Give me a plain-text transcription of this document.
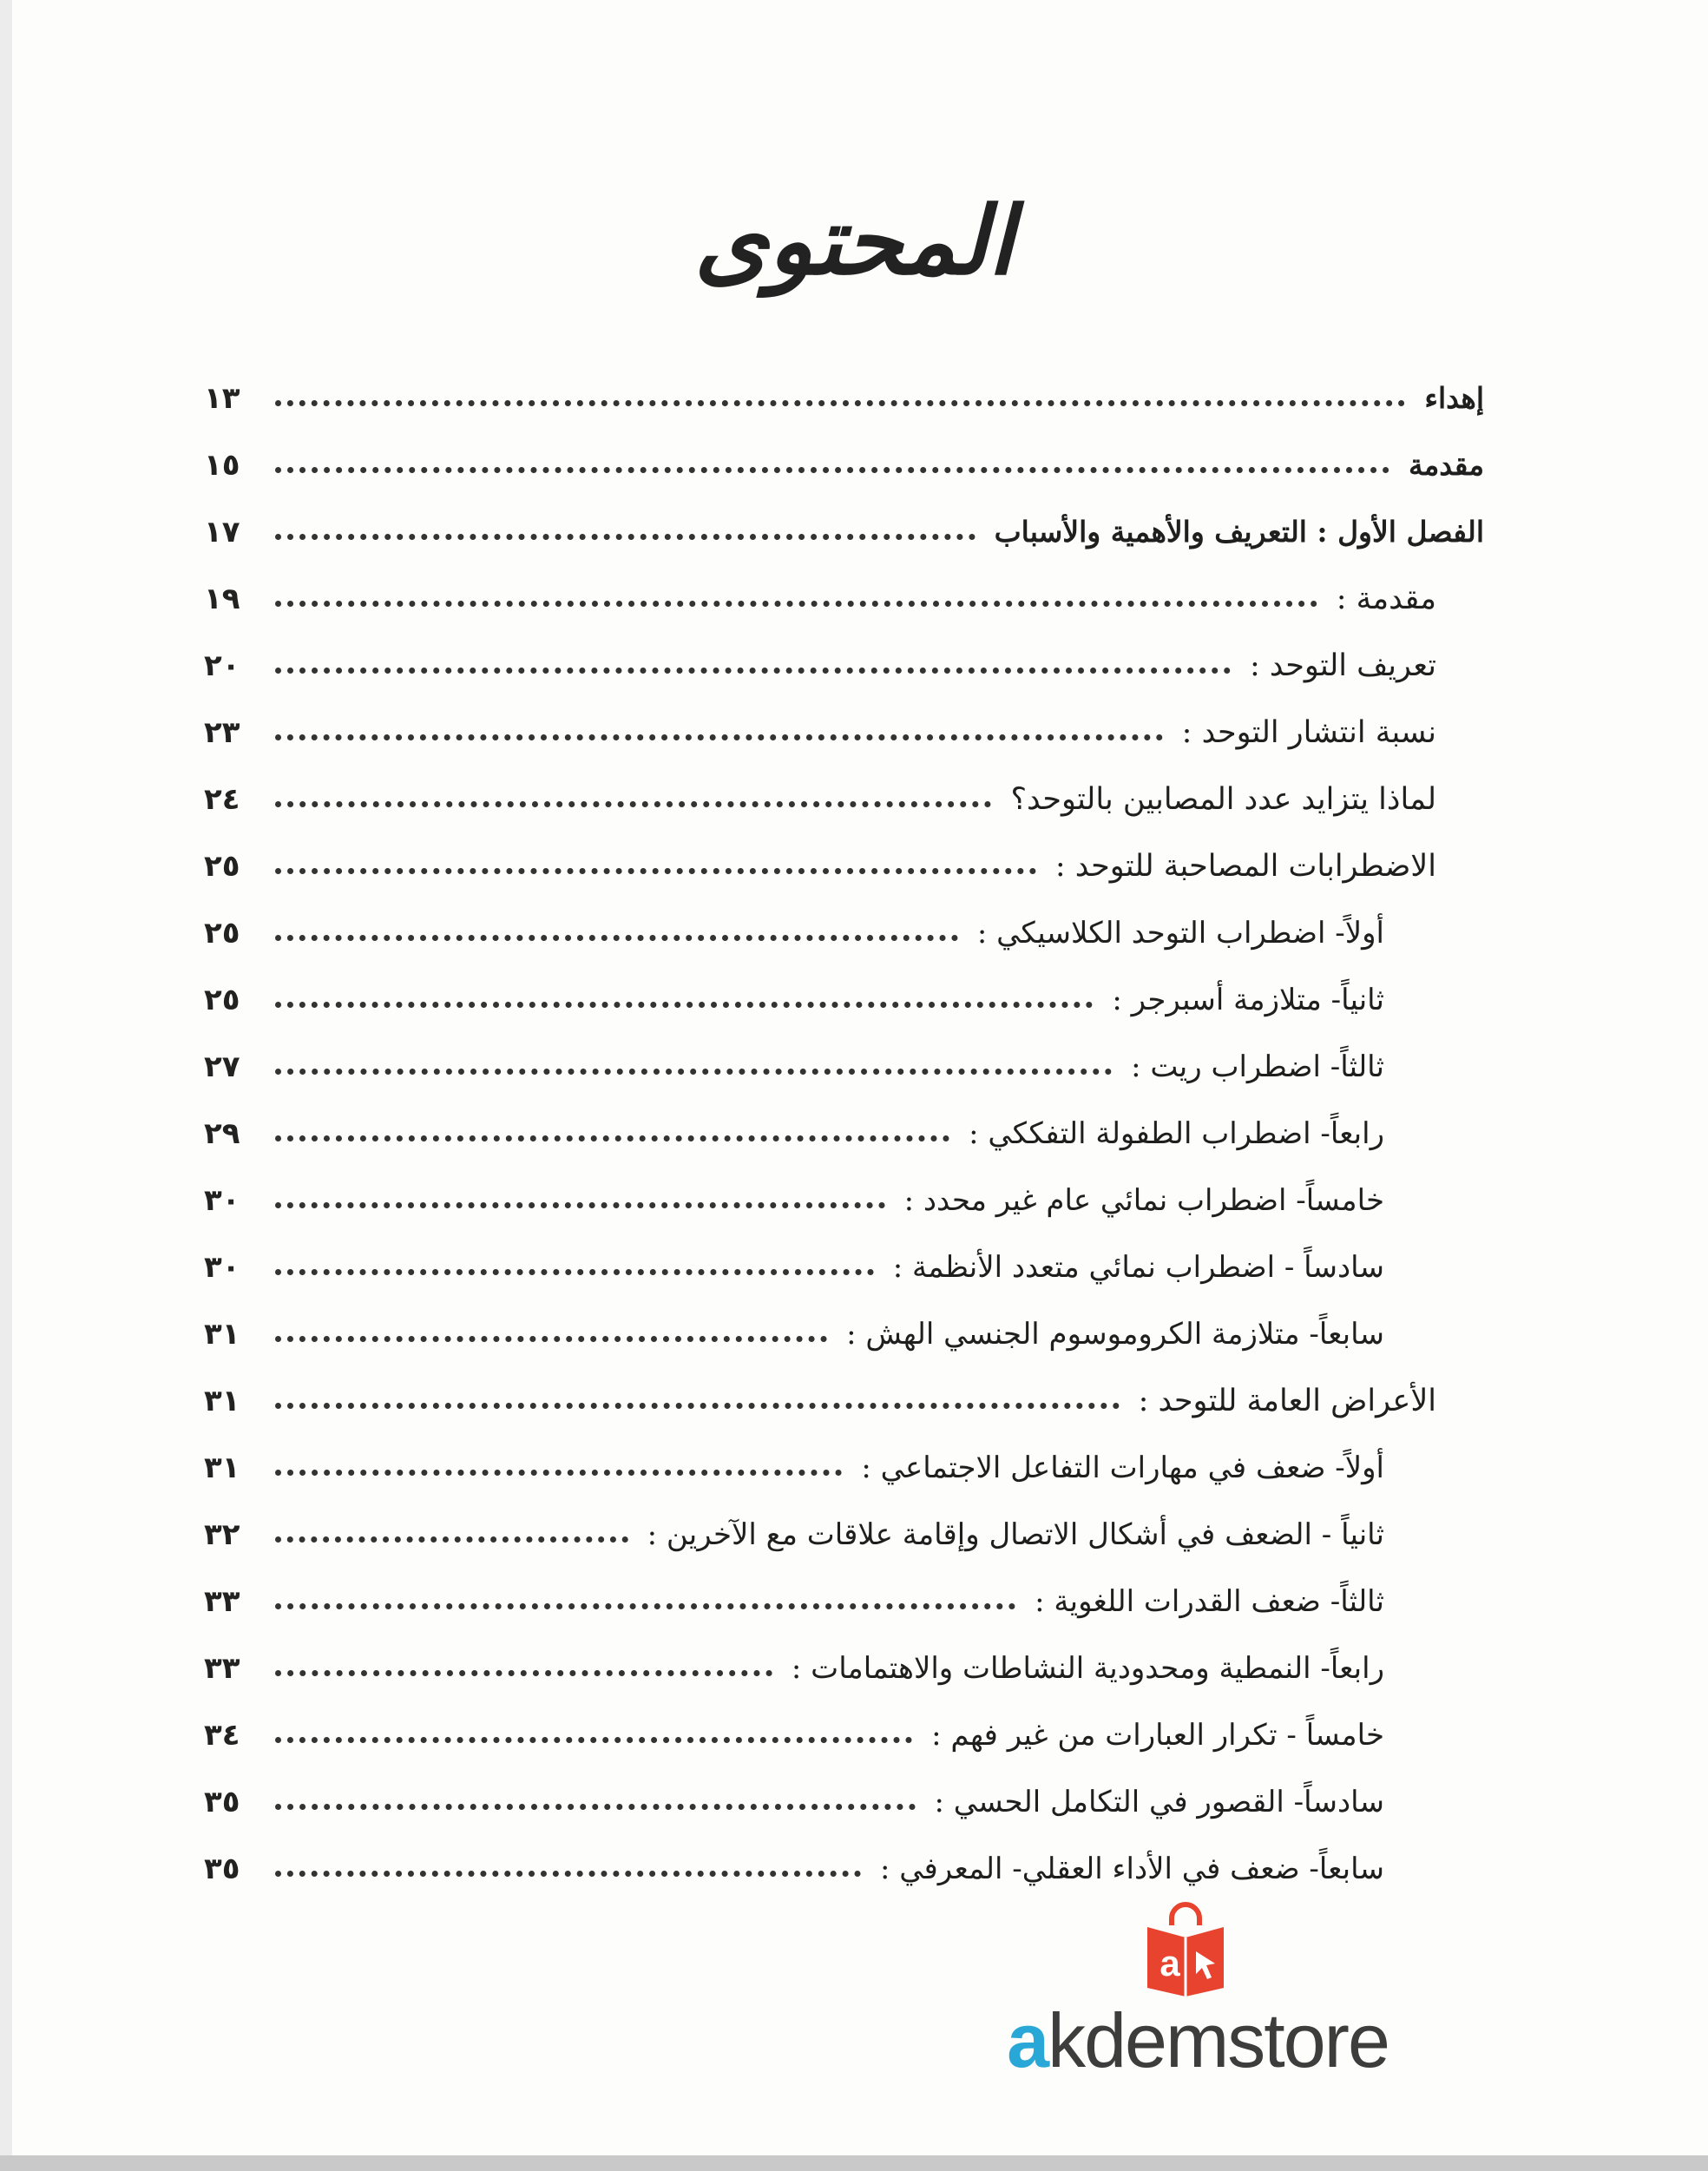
المحتوى
إهداء
١٣
مقدمة
١٥
الفصل الأول : التعريف والأهمية والأسباب
١٧
مقدمة :
١٩
تعريف التوحد :
٢٠
نسبة انتشار التوحد :
٢٣
لماذا يتزايد عدد المصابين بالتوحد؟
٢٤
الاضطرابات المصاحبة للتوحد :
٢٥
أولاً- اضطراب التوحد الكلاسيكي :
٢٥
ثانياً- متلازمة أسبرجر :
٢٥
ثالثاً- اضطراب ريت :
٢٧
رابعاً- اضطراب الطفولة التفككي :
٢٩
خامساً- اضطراب نمائي عام غير محدد :
٣٠
سادساً - اضطراب نمائي متعدد الأنظمة :
٣٠
سابعاً- متلازمة الكروموسوم الجنسي الهش :
٣١
الأعراض العامة للتوحد :
٣١
أولاً- ضعف في مهارات التفاعل الاجتماعي :
٣١
ثانياً - الضعف في أشكال الاتصال وإقامة علاقات مع الآخرين :
٣٢
ثالثاً- ضعف القدرات اللغوية :
٣٣
رابعاً- النمطية ومحدودية النشاطات والاهتمامات :
٣٣
خامساً - تكرار العبارات من غير فهم :
٣٤
سادساً- القصور في التكامل الحسي :
٣٥
سابعاً- ضعف في الأداء العقلي- المعرفي :
٣٥
a
akdemstore
